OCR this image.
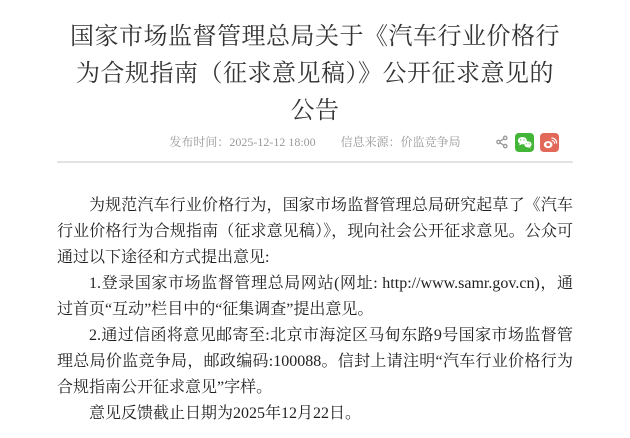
国家市场监督管理总局关于《汽车行业价格行
为合规指南（征求意见稿）》公开征求意见的
公告
发布时间：2025-12-12 18:00 信息来源：价监竞争局

为规范汽车行业价格行为，国家市场监督管理总局研究起草了《汽车行业价格行为合规指南（征求意见稿）》，现向社会公开征求意见。公众可通过以下途径和方式提出意见:

1.登录国家市场监督管理总局网站(网址: http://www.samr.gov.cn)，通过首页“互动”栏目中的“征集调查”提出意见。

2.通过信函将意见邮寄至:北京市海淀区马甸东路9号国家市场监督管理总局价监竞争局，邮政编码:100088。信封上请注明“汽车行业价格行为合规指南公开征求意见”字样。

意见反馈截止日期为2025年12月22日。
